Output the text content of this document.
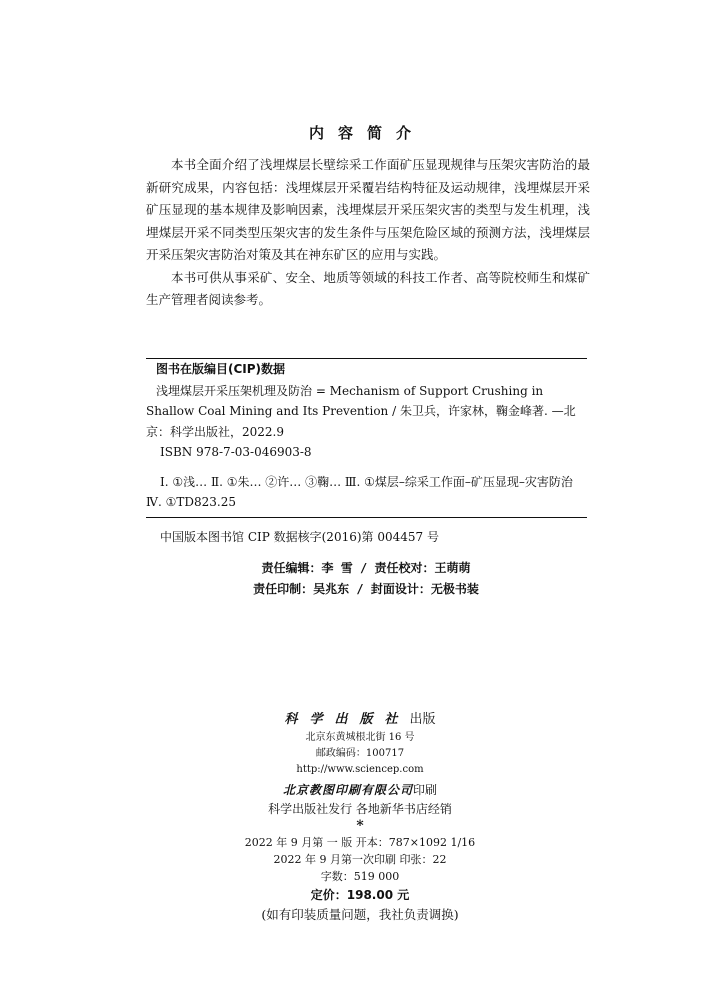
内容简介

本书全面介绍了浅埋煤层长壁综采工作面矿压显现规律与压架灾害防治的最新研究成果，内容包括：浅埋煤层开采覆岩结构特征及运动规律，浅埋煤层开采矿压显现的基本规律及影响因素，浅埋煤层开采压架灾害的类型与发生机理，浅埋煤层开采不同类型压架灾害的发生条件与压架危险区域的预测方法，浅埋煤层开采压架灾害防治对策及其在神东矿区的应用与实践。

本书可供从事采矿、安全、地质等领域的科技工作者、高等院校师生和煤矿生产管理者阅读参考。

图书在版编目(CIP)数据
浅埋煤层开采压架机理及防治 = Mechanism of Support Crushing in Shallow Coal Mining and Its Prevention / 朱卫兵，许家林，鞠金峰著. —北京：科学出版社，2022.9
ISBN 978-7-03-046903-8
Ⅰ. ①浅… Ⅱ. ①朱… ②许… ③鞠… Ⅲ. ①煤层–综采工作面–矿压显现–灾害防治 Ⅳ. ①TD823.25
中国版本图书馆 CIP 数据核字(2016)第 004457 号
责任编辑：李 雪 / 责任校对：王萌萌
责任印制：吴兆东 / 封面设计：无极书装
科学出版社出版
北京东黄城根北街 16 号
邮政编码：100717
http://www.sciencep.com
北京教图印刷有限公司印刷
科学出版社发行 各地新华书店经销
*
2022 年 9 月第 一 版 开本：787×1092 1/16
2022 年 9 月第一次印刷 印张：22
字数：519 000
定价：198.00 元
(如有印装质量问题，我社负责调换)
